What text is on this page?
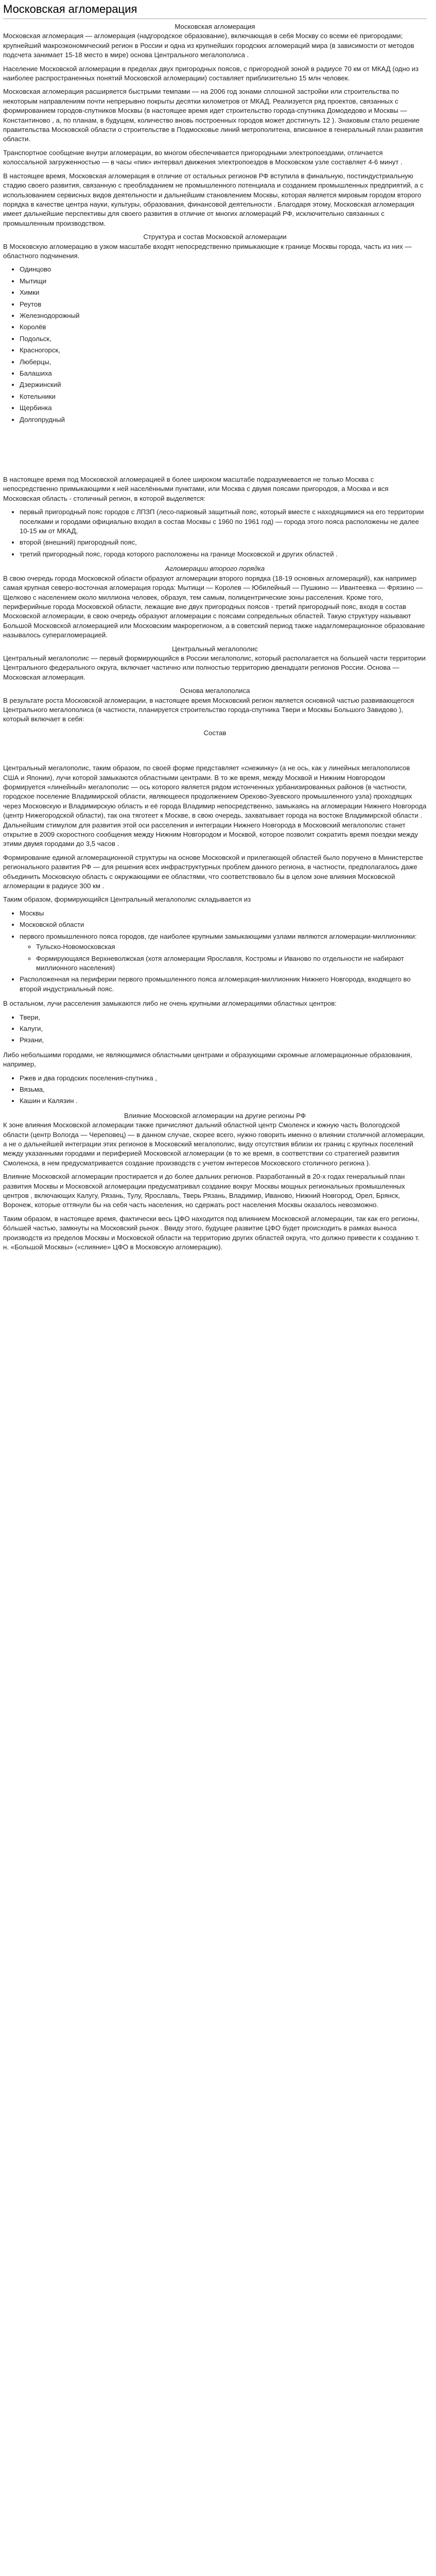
Московская агломерация
Московская агломерация

Московская агломерация — агломерация (надгородское образование), включающая в себя Москву со всеми её пригородами; крупнейший макроэкономический регион в России и одна из крупнейших городских агломераций мира (в зависимости от методов подсчета занимает 15-18 место в мире) основа Центрального мегалополиса .

Население Московской агломерации в пределах двух пригородных поясов, с пригородной зоной в радиусе 70 км от МКАД (одно из наиболее распространенных понятий Московской агломерации) составляет приблизительно 15 млн человек.

Московская агломерация расширяется быстрыми темпами — на 2006 год зонами сплошной застройки или строительства по некоторым направлениям почти непрерывно покрыты десятки километров от МКАД. Реализуется ряд проектов, связанных с формированием городов-спутников Москвы (в настоящее время идет строительство города-спутника Домодедово и Москвы — Константиново , а, по планам, в будущем, количество вновь построенных городов может достигнуть 12 ). Знаковым стало решение правительства Московской области о строительстве в Подмосковье линий метрополитена, вписанное в генеральный план развития области.

Транспортное сообщение внутри агломерации, во многом обеспечивается пригородными электропоездами, отличается колоссальной загруженностью — в часы «пик» интервал движения электропоездов в Московском узле составляет 4-6 минут .

В настоящее время, Московская агломерация в отличие от остальных регионов РФ вступила в финальную, постиндустриальную стадию своего развития, связанную с преобладанием не промышленного потенциала и созданием промышленных предприятий, а с использованием сервисных видов деятельности и дальнейшим становлением Москвы, которая является мировым городом второго порядка в качестве центра науки, культуры, образования, финансовой деятельности . Благодаря этому, Московская агломерация имеет дальнейшие перспективы для своего развития в отличие от многих агломераций РФ, исключительно связанных с промышленным производством.

Структура и состав Московской агломерации

В Московскую агломерацию в узком масштабе входят непосредственно примыкающие к границе Москвы города, часть из них — областного подчинения.

• Одинцово
• Мытищи
• Химки
• Реутов
• Железнодорожный
• Королёв
• Подольск,
• Красногорск,
• Люберцы,
• Балашиха
• Дзержинский
• Котельники
• Щербинка
• Долгопрудный

В настоящее время под Московской агломерацией в более широком масштабе подразумевается не только Москва с непосредственно примыкающими к ней населёнными пунктами, или Москва с двумя поясами пригородов, а Москва и вся Московская область - столичный регион, в которой выделяется:

• первый пригородный пояс городов с ЛПЗП (лесо-парковый защитный пояс, который вместе с находящимися на его территории поселками и городами официально входил в состав Москвы с 1960 по 1961 год) — города этого пояса расположены не далее 10-15 км от МКАД,
• второй (внешний) пригородный пояс,
• третий пригородный пояс, города которого расположены на границе Московской и других областей .
Агломерации второго порядка

В свою очередь города Московской области образуют агломерации второго порядка (18-19 основных агломераций), как например самая крупная северо-восточная агломерация города: Мытищи — Королев — Юбилейный — Пушкино — Ивантеевка — Фрязино — Щелково с населением около миллиона человек, образуя, тем самым, полицентрические зоны расселения. Кроме того, периферийные города Московской области, лежащие вне двух пригородных поясов - третий пригородный пояс, входя в состав Московской агломерации, в свою очередь образуют агломерации с поясами сопредельных областей. Такую структуру называют Большой Московской агломерацией или Московским макрорегионом, а в советский период также надагломерационное образование называлось суперагломерацией.

Центральный мегалополис

Центральный мегалополис — первый формирующийся в России мегалополис, который располагается на большей части территории Центрального федерального округа, включает частично или полностью территорию двенадцати регионов России. Основа — Московская агломерация.

Основа мегалополиса

В результате роста Московской агломерации, в настоящее время Московский регион является основной частью развивающегося Центрального мегалополиса (в частности, планируется строительство города-спутника Твери и Москвы Большого Завидово ), который включает в себя:

Состав

Центральный мегалополис, таким образом, по своей форме представляет «снежинку» (а не ось, как у линейных мегалополисов США и Японии), лучи которой замыкаются областными центрами. В то же время, между Москвой и Нижним Новгородом формируется «линейный» мегалополис — ось которого является рядом истонченных урбанизированных районов (в частности, городское поселение Владимирской области, являющееся продолжением Орехово-Зуевского промышленного узла) проходящих через Московскую и Владимирскую область и её города Владимир непосредственно, замыкаясь на агломерации Нижнего Новгорода (центр Нижегородской области), так она тяготеет к Москве, в свою очередь, захватывает города на востоке Владимирской области . Дальнейшим стимулом для развития этой оси расселения и интеграции Нижнего Новгорода в Московский мегалополис станет открытие в 2009 скоростного сообщения между Нижним Новгородом и Москвой, которое позволит сократить время поездки между этими двумя городами до 3,5 часов .

Формирование единой агломерационной структуры на основе Московской и прилегающей областей было поручено в Министерстве регионального развития РФ — для решения всех инфраструктурных проблем данного региона, в частности, предполагалось даже объединить Московскую область с окружающими ее областями, что соответствовало бы в целом зоне влияния Московской агломерации в радиусе 300 км .

Таким образом, формирующийся Центральный мегалополис складывается из

• Москвы
• Московской области
• первого промышленного пояса городов, где наиболее крупными замыкающими узлами являются агломерации-миллионники:
◦ Тульско-Новомосковская
◦ Формирующаяся Верхневолжская (хотя агломерации Ярославля, Костромы и Иваново по отдельности не набирают миллионного населения)
• Расположенная на периферии первого промышленного пояса агломерация-миллионник Нижнего Новгорода, входящего во второй индустриальный пояс.

В остальном, лучи расселения замыкаются либо не очень крупными агломерациями областных центров:

• Твери,
• Калуги,
• Рязани,

Либо небольшими городами, не являющимися областными центрами и образующими скромные агломерационные образования, например,

• Ржев и два городских поселения-спутника ,
• Вязьма,
• Кашин и Калязин .
Влияние Московской агломерации на другие регионы РФ

К зоне влияния Московской агломерации также причисляют дальний областной центр Смоленск и южную часть Вологодской области (центр Вологда — Череповец) — в данном случае, скорее всего, нужно говорить именно о влиянии столичной агломерации, а не о дальнейшей интеграции этих регионов в Московский мегалополис, виду отсутствия вблизи их границ с крупных поселений между указанными городами и периферией Московской агломерации (в то же время, в соответствии со стратегией развития Смоленска, в нем предусматривается создание производств с учетом интересов Московского столичного региона ).

Влияние Московской агломерации простирается и до более дальних регионов. Разработанный в 20-х годах генеральный план развития Москвы и Московской агломерации предусматривал создание вокруг Москвы мощных региональных промышленных центров , включающих Калугу, Рязань, Тулу, Ярославль, Тверь Рязань, Владимир, Иваново, Нижний Новгород, Орел, Брянск, Воронеж, которые оттянули бы на себя часть населения, но сдержать рост населения Москвы оказалось невозможно.

Таким образом, в настоящее время, фактически весь ЦФО находится под влиянием Московской агломерации, так как его регионы, бóльшей частью, замкнуты на Московский рынок . Ввиду этого, будущее развитие ЦФО будет происходить в рамках выноса производств из пределов Москвы и Московской области на территорию других областей округа, что должно привести к созданию т. н. «Большой Москвы» («слияние» ЦФО в Московскую агломерацию).
